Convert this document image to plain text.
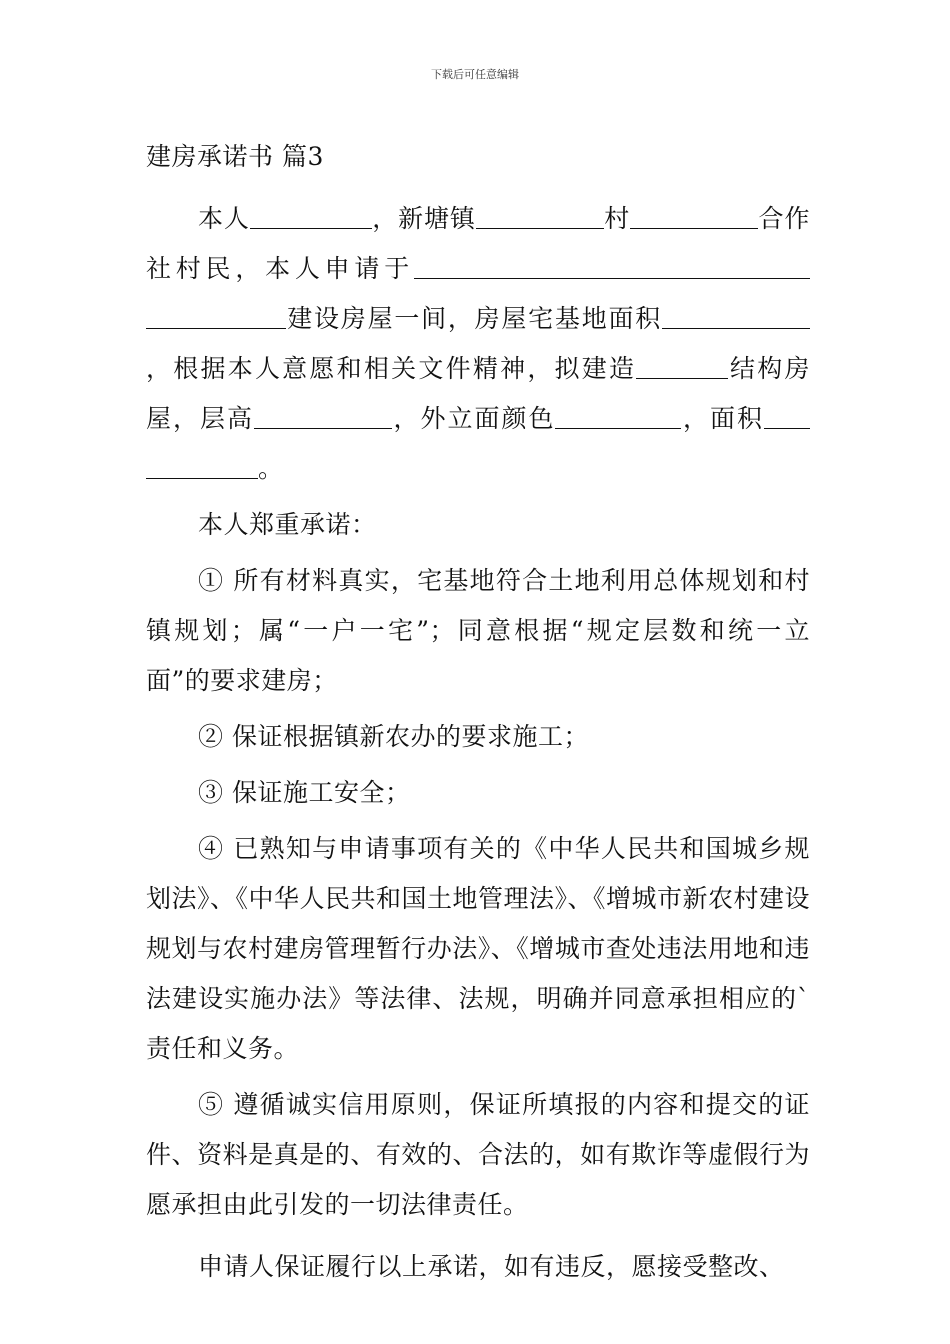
下载后可任意编辑

建房承诺书 篇3

本人	，新塘镇	村	合作社村民，本人申请于建设房屋一间，房屋宅基地面积，根据本人意愿和相关文件精神，拟建造	结构房屋，层高	，外立面颜色	，面积。

本人郑重承诺：

① 所有材料真实，宅基地符合土地利用总体规划和村镇规划；属“一户一宅”；同意根据“规定层数和统一立面”的要求建房；

② 保证根据镇新农办的要求施工；

③ 保证施工安全；

④ 已熟知与申请事项有关的《中华人民共和国城乡规划法》、《中华人民共和国土地管理法》、《增城市新农村建设规划与农村建房管理暂行办法》、《增城市查处违法用地和违法建设实施办法》等法律、法规，明确并同意承担相应的`责任和义务。

⑤ 遵循诚实信用原则，保证所填报的内容和提交的证件、资料是真是的、有效的、合法的，如有欺诈等虚假行为愿承担由此引发的一切法律责任。

申请人保证履行以上承诺，如有违反，愿接受整改、
